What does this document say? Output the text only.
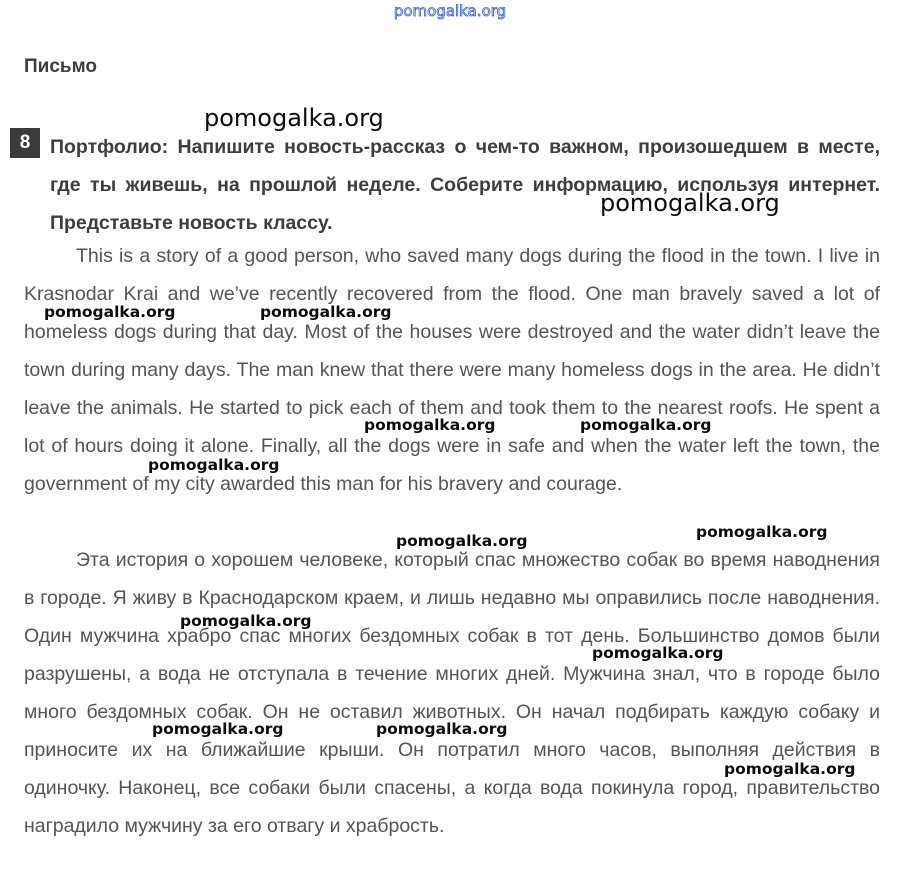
pomogalka.org
Письмо
8	Портфолио: Напишите новость-рассказ о чем-то важном, произошедшем в месте, где ты живешь, на прошлой неделе. Соберите информацию, используя интернет. Представьте новость классу.
This is a story of a good person, who saved many dogs during the flood in the town. I live in Krasnodar Krai and we’ve recently recovered from the flood. One man bravely saved a lot of homeless dogs during that day. Most of the houses were destroyed and the water didn’t leave the town during many days. The man knew that there were many homeless dogs in the area. He didn’t leave the animals. He started to pick each of them and took them to the nearest roofs. He spent a lot of hours doing it alone. Finally, all the dogs were in safe and when the water left the town, the government of my city awarded this man for his bravery and courage.
Эта история о хорошем человеке, который спас множество собак во время наводнения в городе. Я живу в Краснодарском краем, и лишь недавно мы оправились после наводнения. Один мужчина храбро спас многих бездомных собак в тот день. Большинство домов были разрушены, а вода не отступала в течение многих дней. Мужчина знал, что в городе было много бездомных собак. Он не оставил животных. Он начал подбирать каждую собаку и приносите их на ближайшие крыши. Он потратил много часов, выполняя действия в одиночку. Наконец, все собаки были спасены, а когда вода покинула город, правительство наградило мужчину за его отвагу и храбрость.
pomogalka.org
pomogalka.org
pomogalka.org	pomogalka.org
pomogalka.org	pomogalka.org
pomogalka.org
pomogalka.org
pomogalka.org
pomogalka.org
pomogalka.org
pomogalka.org	pomogalka.org
pomogalka.org
